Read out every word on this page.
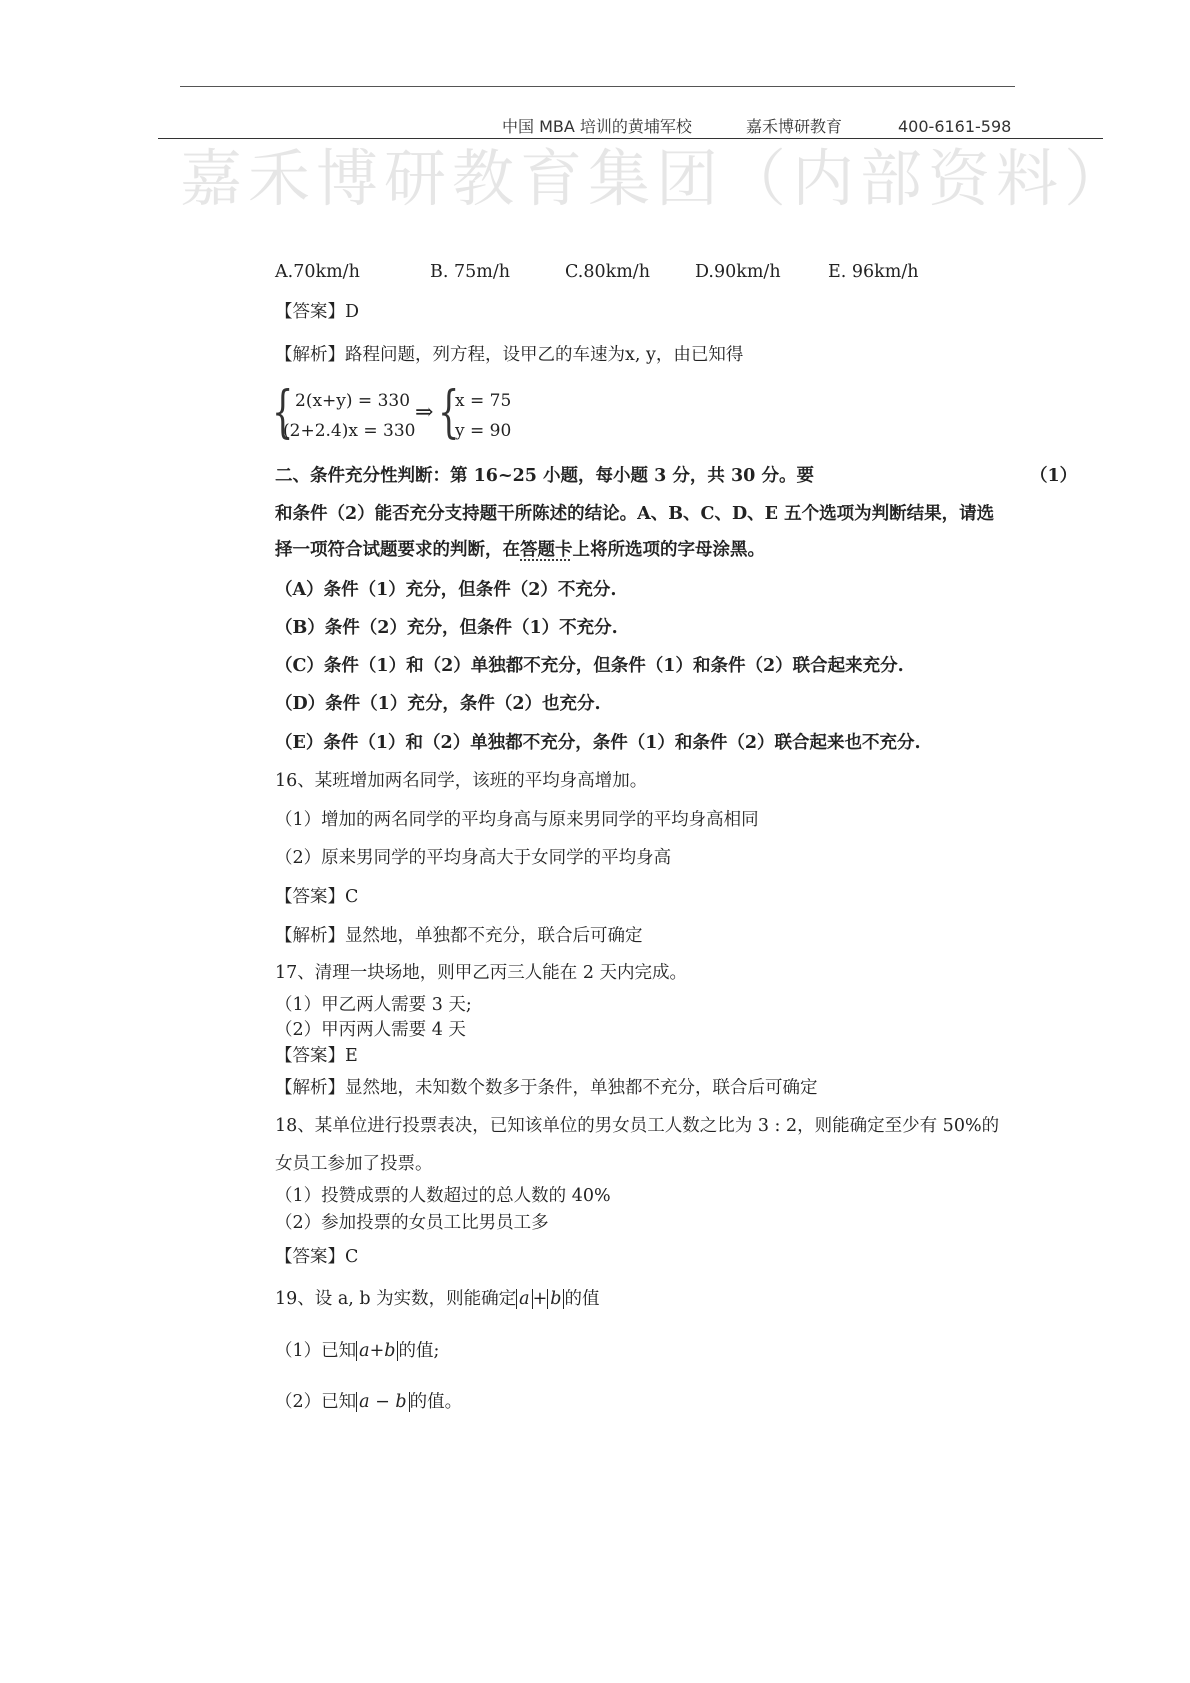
中国 MBA 培训的黄埔军校	嘉禾博研教育	400-6161-598
嘉禾博研教育集团（内部资料）
A.70km/h	B. 75m/h	C.80km/h	D.90km/h	E. 96km/h
【答案】D
【解析】路程问题，列方程，设甲乙的车速为x, y，由已知得
{ 2(x+y) = 330
(2+2.4)x = 330
⇒ {
x = 75
y = 90
二、条件充分性判断：第 16~25 小题，每小题 3 分，共 30 分。要	（1）
和条件（2）能否充分支持题干所陈述的结论。A、B、C、D、E 五个选项为判断结果，请选
择一项符合试题要求的判断，在答题卡上将所选项的字母涂黑。
（A）条件（1）充分，但条件（2）不充分.
（B）条件（2）充分，但条件（1）不充分.
（C）条件（1）和（2）单独都不充分，但条件（1）和条件（2）联合起来充分.
（D）条件（1）充分，条件（2）也充分.
（E）条件（1）和（2）单独都不充分，条件（1）和条件（2）联合起来也不充分.
16、某班增加两名同学，该班的平均身高增加。
（1）增加的两名同学的平均身高与原来男同学的平均身高相同
（2）原来男同学的平均身高大于女同学的平均身高
【答案】C
【解析】显然地，单独都不充分，联合后可确定
17、清理一块场地，则甲乙丙三人能在 2 天内完成。
（1）甲乙两人需要 3 天;
（2）甲丙两人需要 4 天
【答案】E
【解析】显然地，未知数个数多于条件，单独都不充分，联合后可确定
18、某单位进行投票表决，已知该单位的男女员工人数之比为 3 : 2，则能确定至少有 50%的
女员工参加了投票。
（1）投赞成票的人数超过的总人数的 40%
（2）参加投票的女员工比男员工多
【答案】C
19、设 a, b 为实数，则能确定 a + b 的值
（1）已知 a+b 的值;
（2）已知 a − b 的值。
